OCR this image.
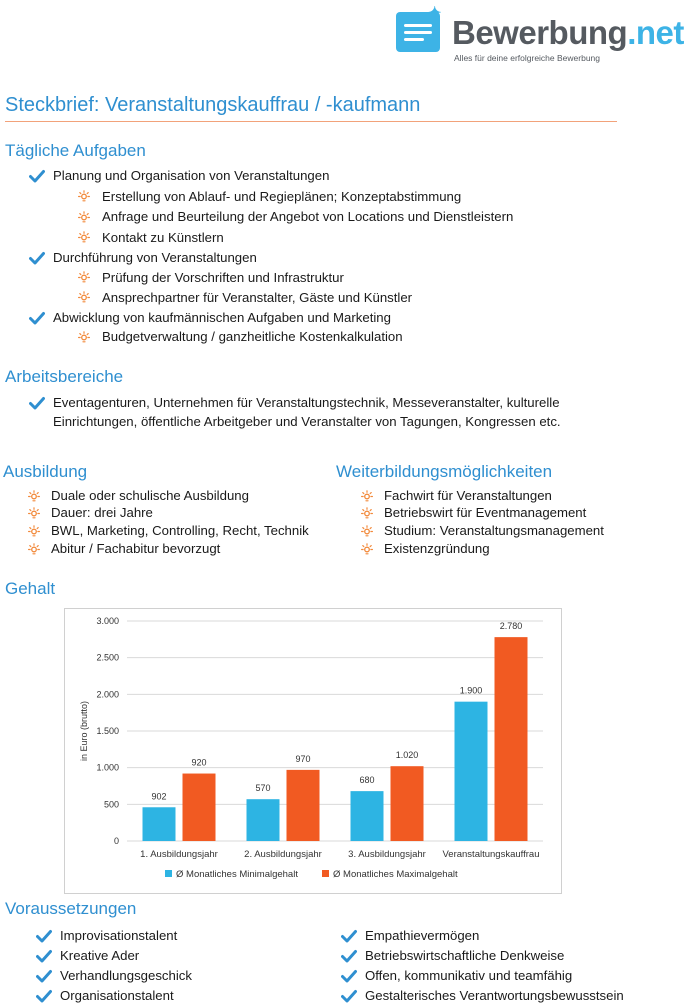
✦
Bewerbung.net
Alles für deine erfolgreiche Bewerbung
Steckbrief: Veranstaltungskauffrau / -kaufmann
Tägliche Aufgaben
Planung und Organisation von Veranstaltungen
Erstellung von Ablauf- und Regieplänen; Konzeptabstimmung
Anfrage und Beurteilung der Angebot von Locations und Dienstleistern
Kontakt zu Künstlern
Durchführung von Veranstaltungen
Prüfung der Vorschriften und Infrastruktur
Ansprechpartner für Veranstalter, Gäste und Künstler
Abwicklung von kaufmännischen Aufgaben und Marketing
Budgetverwaltung / ganzheitliche Kostenkalkulation
Arbeitsbereiche
Eventagenturen, Unternehmen für Veranstaltungstechnik, Messeveranstalter, kulturelle
Einrichtungen, öffentliche Arbeitgeber und Veranstalter von Tagungen, Kongressen etc.
Ausbildung
Duale oder schulische Ausbildung
Dauer: drei Jahre
BWL, Marketing, Controlling, Recht, Technik
Abitur / Fachabitur bevorzugt
Weiterbildungsmöglichkeiten
Fachwirt für Veranstaltungen
Betriebswirt für Eventmanagement
Studium: Veranstaltungsmanagement
Existenzgründung
Gehalt
0
500
1.000
1.500
2.000
2.500
3.000
in Euro (brutto)
902
920
1. Ausbildungsjahr
570
970
2. Ausbildungsjahr
680
1.020
3. Ausbildungsjahr
1.900
2.780
Veranstaltungskauffrau
Ø Monatliches Minimalgehalt	Ø Monatliches Maximalgehalt
Voraussetzungen
Improvisationstalent
Kreative Ader
Verhandlungsgeschick
Organisationstalent
Empathievermögen
Betriebswirtschaftliche Denkweise
Offen, kommunikativ und teamfähig
Gestalterisches Verantwortungsbewusstsein
